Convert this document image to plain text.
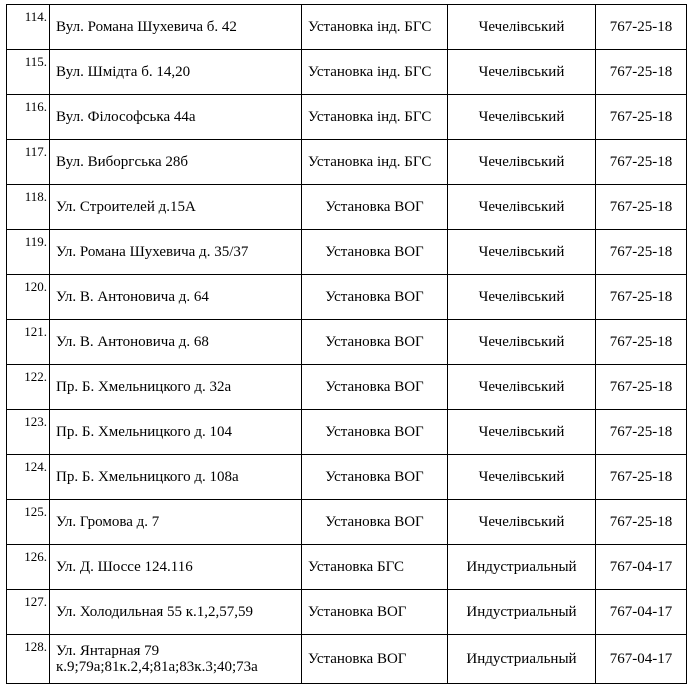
114.	Вул. Романа Шухевича б. 42	Установка інд. БГС	Чечелівський	767-25-18
115.	Вул. Шмідта б. 14,20	Установка інд. БГС	Чечелівський	767-25-18
116.	Вул. Філософська 44а	Установка інд. БГС	Чечелівський	767-25-18
117.	Вул. Виборгська 28б	Установка інд. БГС	Чечелівський	767-25-18
118.	Ул. Строителей д.15А	Установка ВОГ	Чечелівський	767-25-18
119.	Ул. Романа Шухевича д. 35/37	Установка ВОГ	Чечелівський	767-25-18
120.	Ул. В. Антоновича д. 64	Установка ВОГ	Чечелівський	767-25-18
121.	Ул. В. Антоновича д. 68	Установка ВОГ	Чечелівський	767-25-18
122.	Пр. Б. Хмельницкого д. 32а	Установка ВОГ	Чечелівський	767-25-18
123.	Пр. Б. Хмельницкого д. 104	Установка ВОГ	Чечелівський	767-25-18
124.	Пр. Б. Хмельницкого д. 108а	Установка ВОГ	Чечелівський	767-25-18
125.	Ул. Громова д. 7	Установка ВОГ	Чечелівський	767-25-18
126.	Ул. Д. Шоссе 124.116	Установка БГС	Индустриальный	767-04-17
127.	Ул. Холодильная 55 к.1,2,57,59	Установка ВОГ	Индустриальный	767-04-17
128.	Ул. Янтарная 79 к.9;79а;81к.2,4;81а;83к.3;40;73а	Установка ВОГ	Индустриальный	767-04-17
